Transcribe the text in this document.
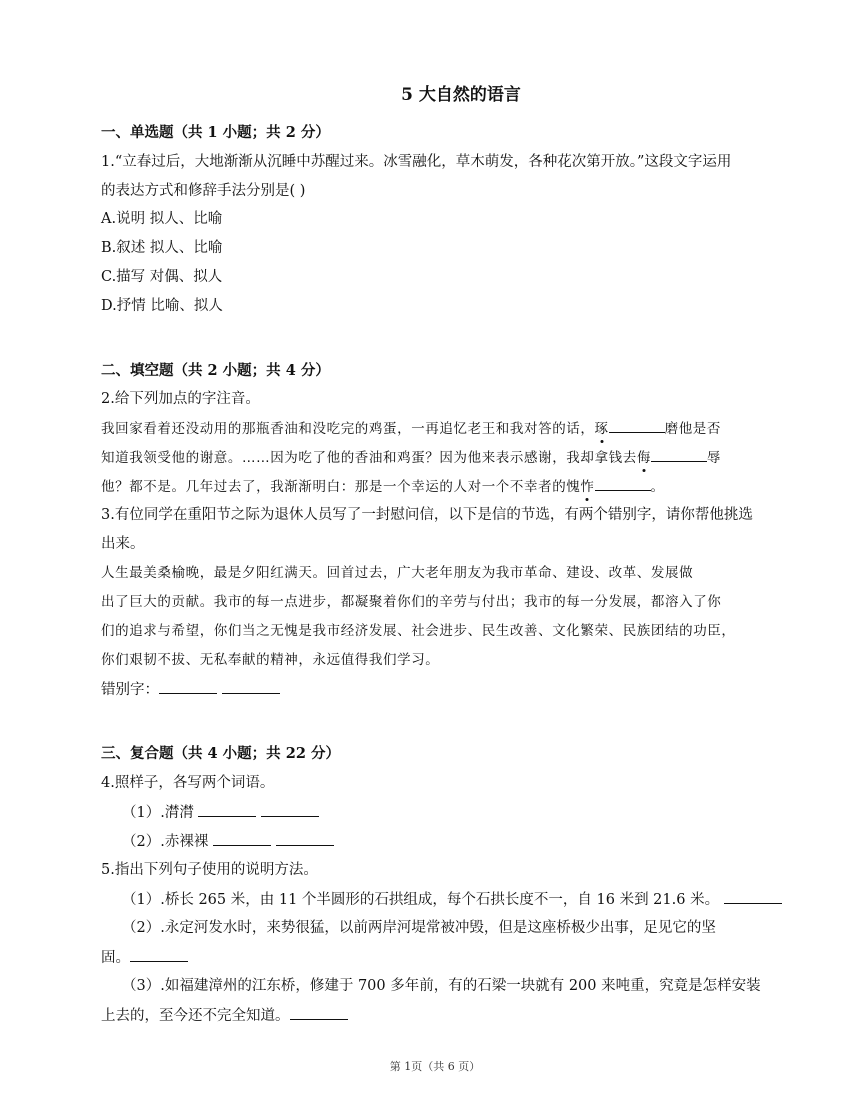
5 大自然的语言
一、单选题（共 1 小题；共 2 分）
1.“立春过后，大地渐渐从沉睡中苏醒过来。冰雪融化，草木萌发，各种花次第开放。”这段文字运用
的表达方式和修辞手法分别是( )
A.说明 拟人、比喻
B.叙述 拟人、比喻
C.描写 对偶、拟人
D.抒情 比喻、拟人
二、填空题（共 2 小题；共 4 分）
2.给下列加点的字注音。
我回家看着还没动用的那瓶香油和没吃完的鸡蛋，一再追忆老王和我对答的话，琢	磨他是否
知道我领受他的谢意。……因为吃了他的香油和鸡蛋？因为他来表示感谢，我却拿钱去侮	辱
他？都不是。几年过去了，我渐渐明白：那是一个幸运的人对一个不幸者的愧怍	。
3.有位同学在重阳节之际为退休人员写了一封慰问信，以下是信的节选，有两个错别字，请你帮他挑选
出来。
人生最美桑榆晚，最是夕阳红满天。回首过去，广大老年朋友为我市革命、建设、改革、发展做
出了巨大的贡献。我市的每一点进步，都凝聚着你们的辛劳与付出；我市的每一分发展，都溶入了你
们的追求与希望，你们当之无愧是我市经济发展、社会进步、民生改善、文化繁荣、民族团结的功臣，
你们艰韧不拔、无私奉献的精神，永远值得我们学习。
错别字：
三、复合题（共 4 小题；共 22 分）
4.照样子，各写两个词语。
（1）.潸潸
（2）.赤裸裸
5.指出下列句子使用的说明方法。
（1）.桥长 265 米，由 11 个半圆形的石拱组成，每个石拱长度不一，自 16 米到 21.6 米。
（2）.永定河发水时，来势很猛，以前两岸河堤常被冲毁，但是这座桥极少出事，足见它的坚
固。
（3）.如福建漳州的江东桥，修建于 700 多年前，有的石梁一块就有 200 来吨重，究竟是怎样安装
上去的，至今还不完全知道。
第 1页（共 6 页）
